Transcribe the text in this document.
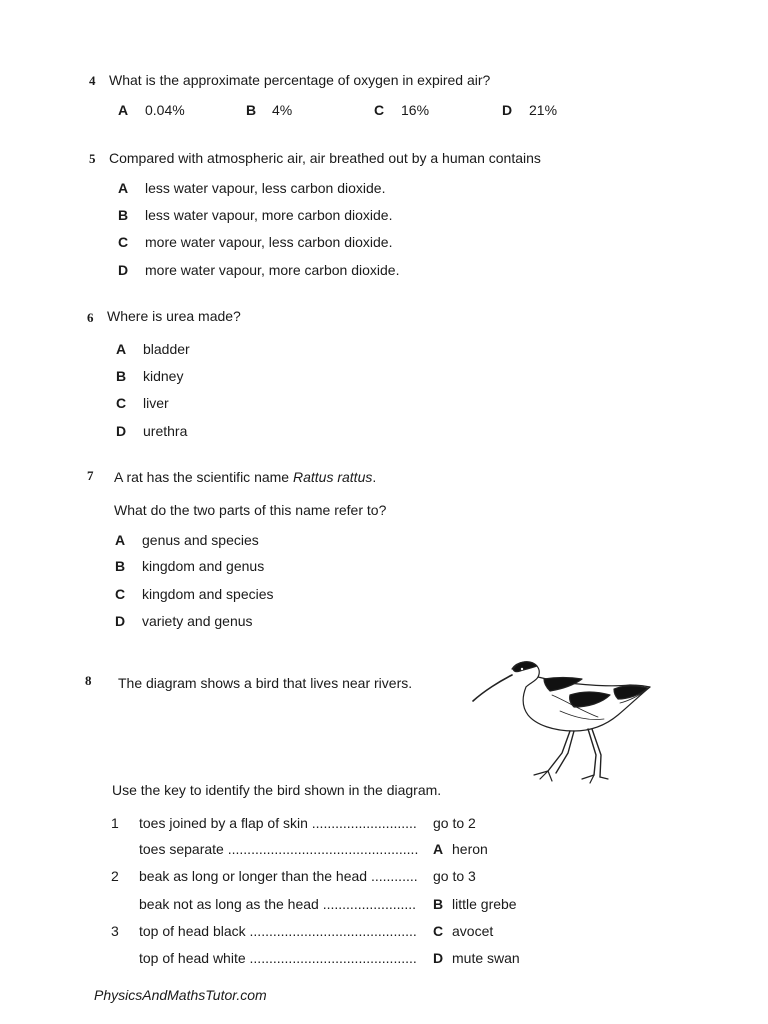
4 What is the approximate percentage of oxygen in expired air?
A 0.04%	B 4%	C 16%	D 21%
5 Compared with atmospheric air, air breathed out by a human contains
A less water vapour, less carbon dioxide.
B less water vapour, more carbon dioxide.
C more water vapour, less carbon dioxide.
D more water vapour, more carbon dioxide.
6 Where is urea made?
A bladder
B kidney
C liver
D urethra
7 A rat has the scientific name Rattus rattus.
What do the two parts of this name refer to?
A genus and species
B kingdom and genus
C kingdom and species
D variety and genus
8 The diagram shows a bird that lives near rivers.
Use the key to identify the bird shown in the diagram.
1 toes joined by a flap of skin ........................... go to 2
toes separate ................................................. A heron
2 beak as long or longer than the head ............ go to 3
beak not as long as the head ........................ B little grebe
3 top of head black ........................................... C avocet
top of head white ........................................... D mute swan
PhysicsAndMathsTutor.com
